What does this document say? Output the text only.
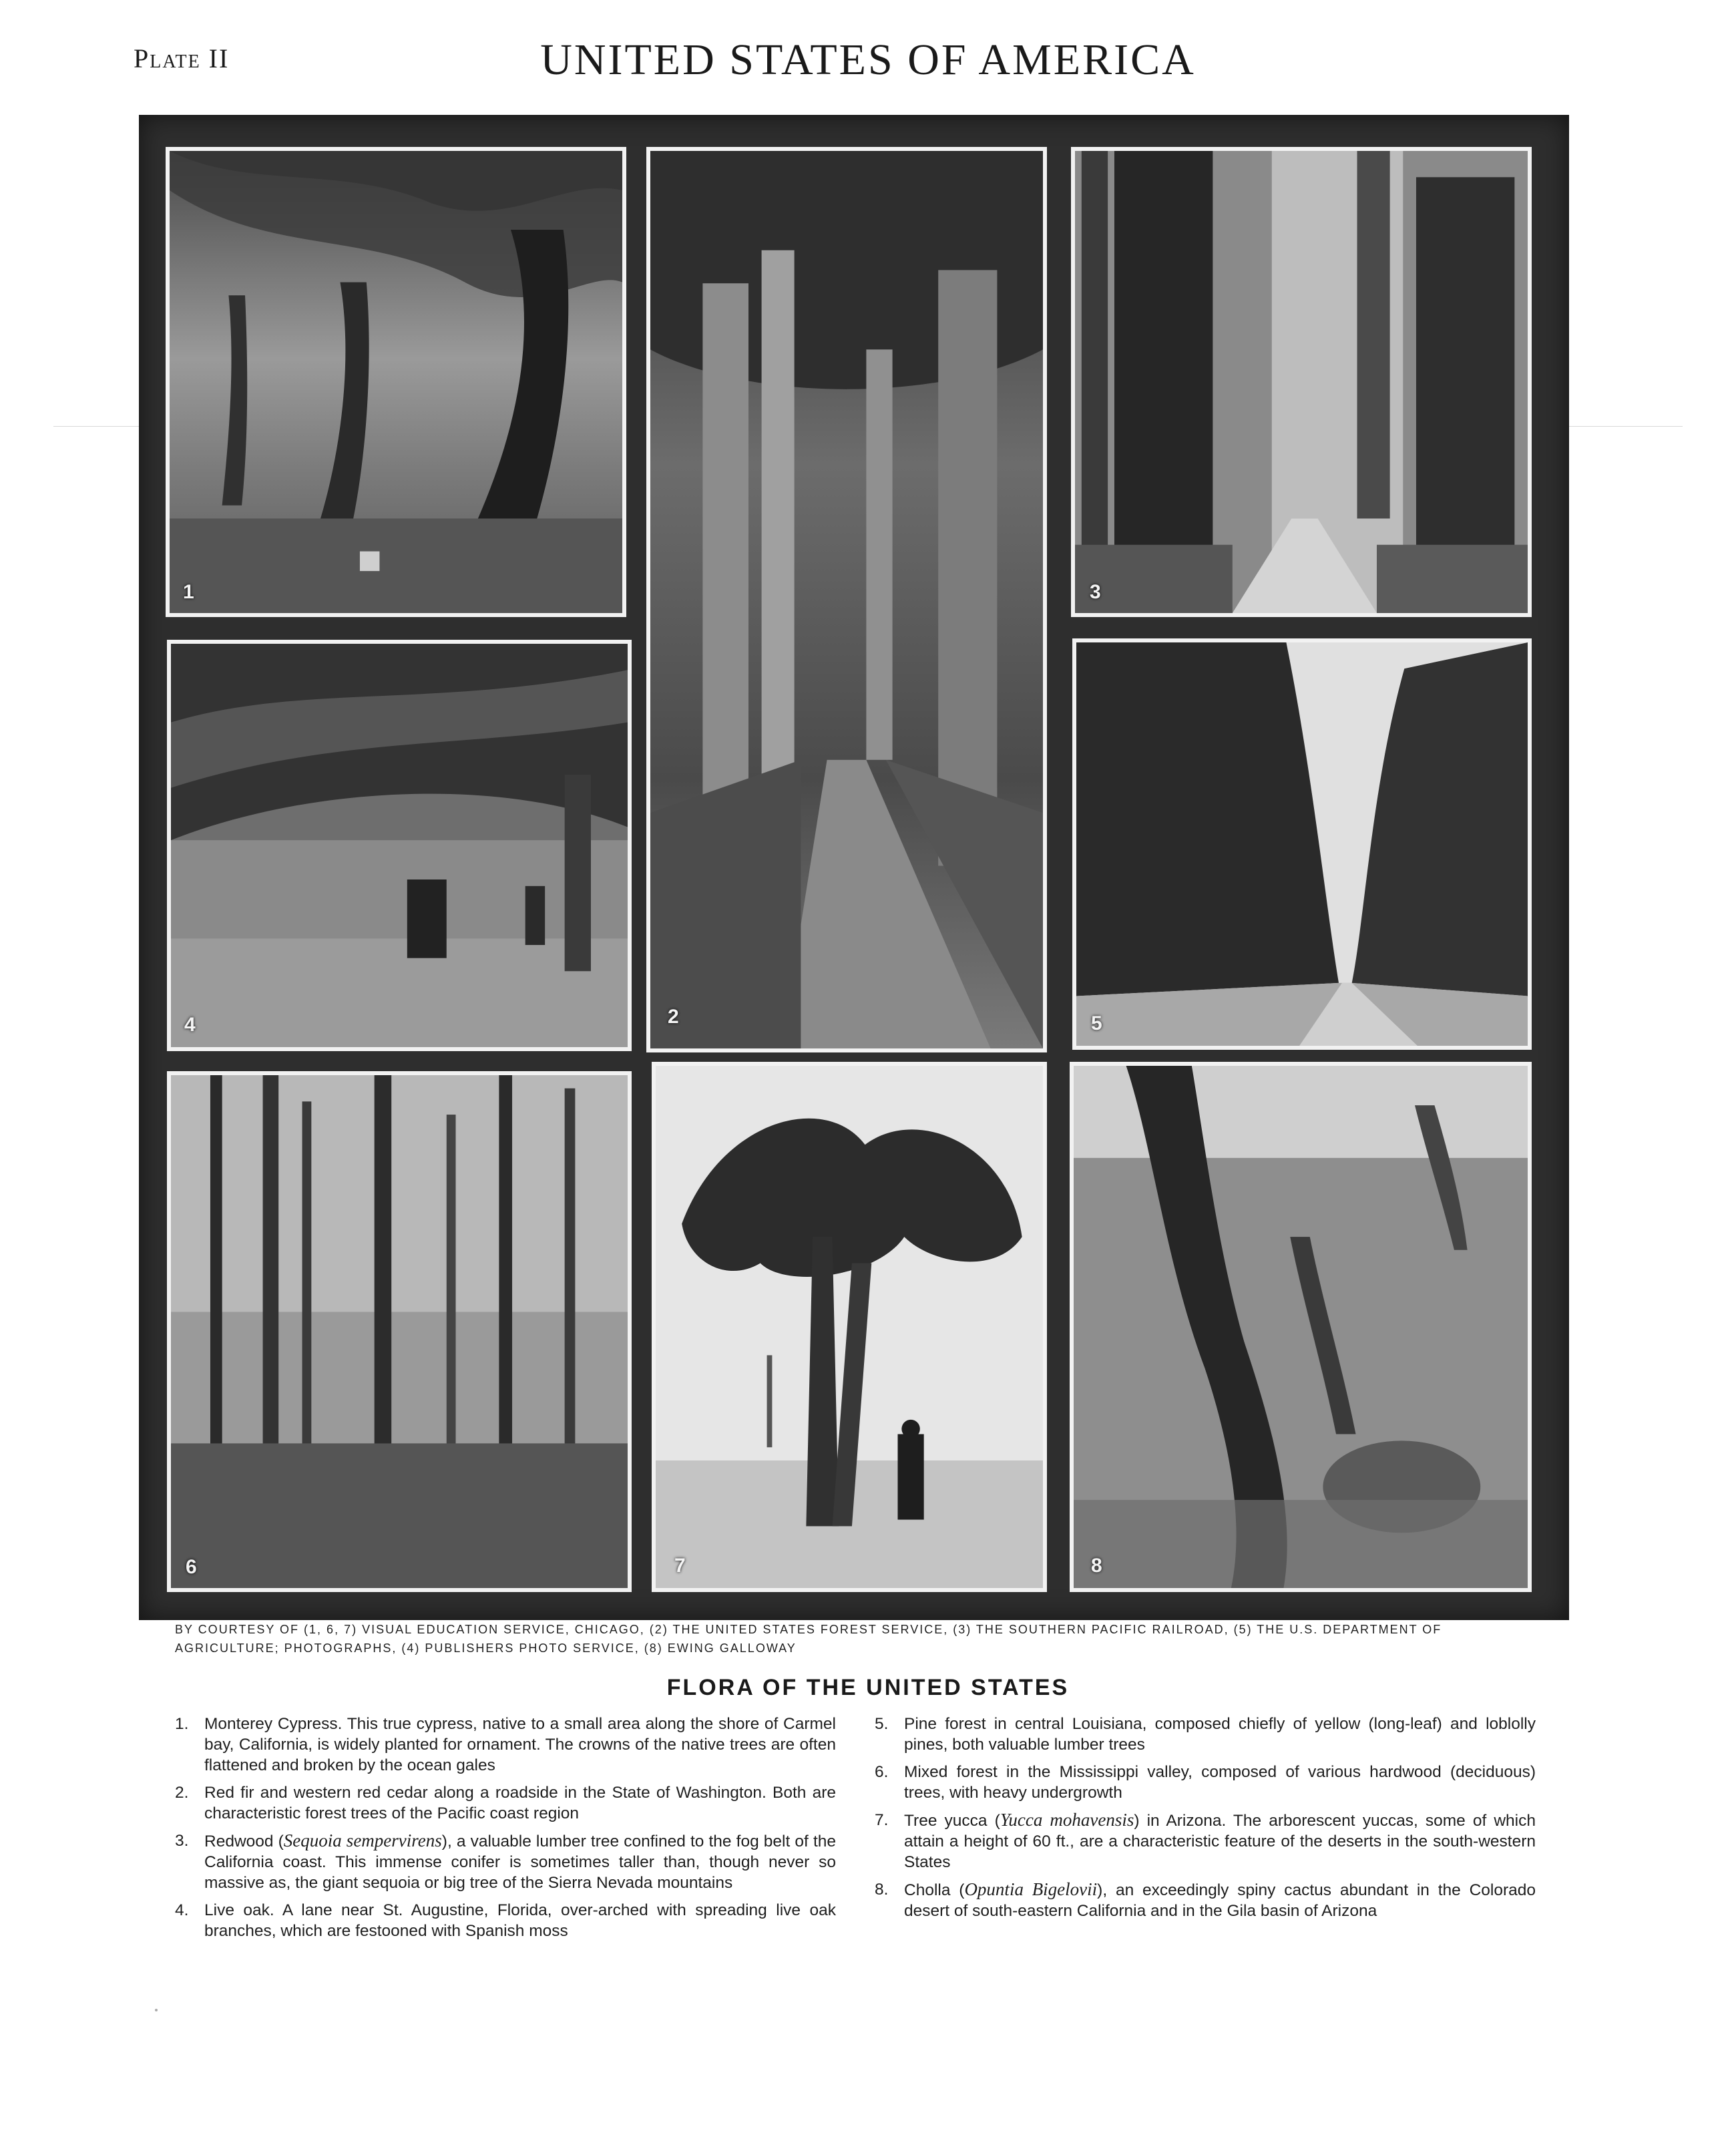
Plate II	UNITED STATES OF AMERICA
1
2
3
4	5
6	7	8
BY COURTESY OF (1, 6, 7) VISUAL EDUCATION SERVICE, CHICAGO, (2) THE UNITED STATES FOREST SERVICE, (3) THE SOUTHERN PACIFIC RAILROAD, (5) THE U.S. DEPARTMENT OF AGRICULTURE; PHOTOGRAPHS, (4) PUBLISHERS PHOTO SERVICE, (8) EWING GALLOWAY
FLORA OF THE UNITED STATES
1. Monterey Cypress. This true cypress, native to a small area along the shore of Carmel bay, California, is widely planted for ornament. The crowns of the native trees are often flattened and broken by the ocean gales
2. Red fir and western red cedar along a roadside in the State of Washington. Both are characteristic forest trees of the Pacific coast region
3. Redwood (Sequoia sempervirens), a valuable lumber tree confined to the fog belt of the California coast. This immense conifer is sometimes taller than, though never so massive as, the giant sequoia or big tree of the Sierra Nevada mountains
4. Live oak. A lane near St. Augustine, Florida, over-arched with spreading live oak branches, which are festooned with Spanish moss
5. Pine forest in central Louisiana, composed chiefly of yellow (long-leaf) and loblolly pines, both valuable lumber trees
6. Mixed forest in the Mississippi valley, composed of various hardwood (deciduous) trees, with heavy undergrowth
7. Tree yucca (Yucca mohavensis) in Arizona. The arborescent yuccas, some of which attain a height of 60 ft., are a characteristic feature of the deserts in the south-western States
8. Cholla (Opuntia Bigelovii), an exceedingly spiny cactus abundant in the Colorado desert of south-eastern California and in the Gila basin of Arizona
